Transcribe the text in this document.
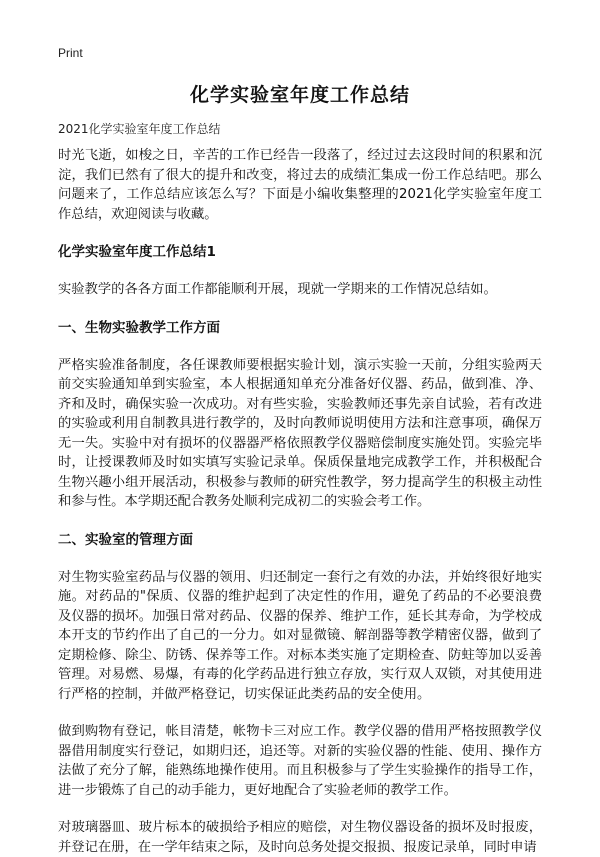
Print
化学实验室年度工作总结
2021化学实验室年度工作总结

时光飞逝，如梭之日，辛苦的工作已经告一段落了，经过过去这段时间的积累和沉淀，我们已然有了很大的提升和改变，将过去的成绩汇集成一份工作总结吧。那么问题来了，工作总结应该怎么写？下面是小编收集整理的2021化学实验室年度工作总结，欢迎阅读与收藏。

化学实验室年度工作总结1

实验教学的各各方面工作都能顺利开展，现就一学期来的工作情况总结如。

一、生物实验教学工作方面

严格实验准备制度，各任课教师要根据实验计划，演示实验一天前，分组实验两天前交实验通知单到实验室，本人根据通知单充分准备好仪器、药品，做到准、净、齐和及时，确保实验一次成功。对有些实验，实验教师还事先亲自试验，若有改进的实验或利用自制教具进行教学的，及时向教师说明使用方法和注意事项，确保万无一失。实验中对有损坏的仪器器严格依照教学仪器赔偿制度实施处罚。实验完毕时，让授课教师及时如实填写实验记录单。保质保量地完成教学工作，并积极配合生物兴趣小组开展活动，积极参与教师的研究性教学，努力提高学生的积极主动性和参与性。本学期还配合教务处顺利完成初二的实验会考工作。

二、实验室的管理方面

对生物实验室药品与仪器的领用、归还制定一套行之有效的办法，并始终很好地实施。对药品的"保质、仪器的维护起到了决定性的作用，避免了药品的不必要浪费及仪器的损坏。加强日常对药品、仪器的保养、维护工作，延长其寿命，为学校成本开支的节约作出了自己的一分力。如对显微镜、解剖器等教学精密仪器，做到了定期检修、除尘、防锈、保养等工作。对标本类实施了定期检查、防蛀等加以妥善管理。对易燃、易爆，有毒的化学药品进行独立存放，实行双人双锁，对其使用进行严格的控制，并做严格登记，切实保证此类药品的安全使用。

做到购物有登记，帐目清楚，帐物卡三对应工作。教学仪器的借用严格按照教学仪器借用制度实行登记，如期归还，追还等。对新的实验仪器的性能、使用、操作方法做了充分了解，能熟练地操作使用。而且积极参与了学生实验操作的指导工作，进一步锻炼了自己的动手能力，更好地配合了实验老师的教学工作。

对玻璃器皿、玻片标本的破损给予相应的赔偿，对生物仪器设备的损坏及时报废，并登记在册，在一学年结束之际，及时向总务处提交报损、报废记录单，同时申请
